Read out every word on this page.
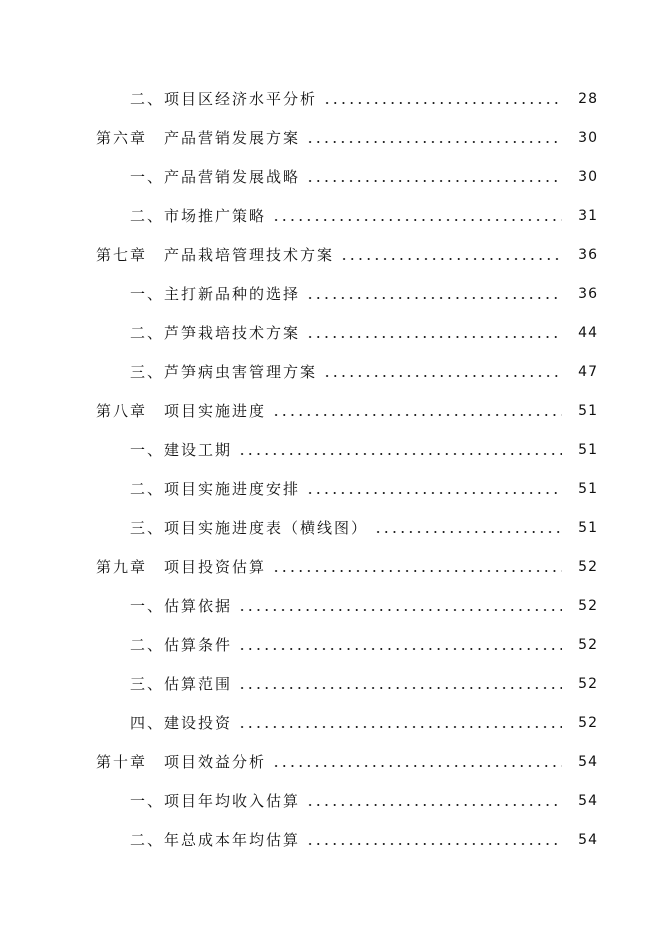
二、项目区经济水平分析	28
第六章　产品营销发展方案	30
一、产品营销发展战略	30
二、市场推广策略	31
第七章　产品栽培管理技术方案	36
一、主打新品种的选择	36
二、芦笋栽培技术方案	44
三、芦笋病虫害管理方案	47
第八章　项目实施进度	51
一、建设工期	51
二、项目实施进度安排	51
三、项目实施进度表（横线图）	51
第九章　项目投资估算	52
一、估算依据	52
二、估算条件	52
三、估算范围	52
四、建设投资	52
第十章　项目效益分析	54
一、项目年均收入估算	54
二、年总成本年均估算	54
